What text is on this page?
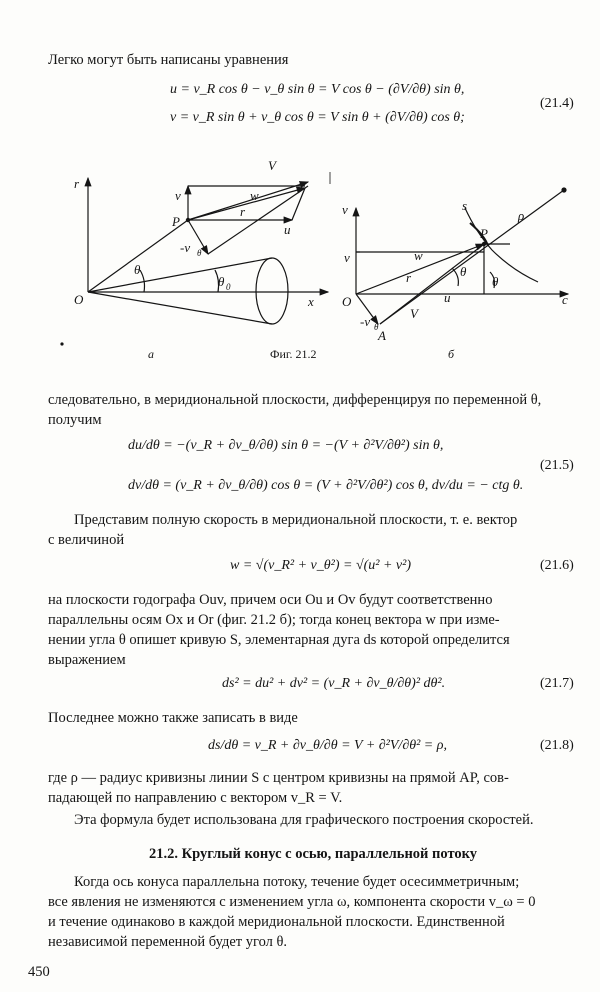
Легко могут быть написаны уравнения
u = v_R cos θ − v_θ sin θ = V cos θ − (∂V/∂θ) sin θ,
v = v_R sin θ + v_θ cos θ = V sin θ + (∂V/∂θ) cos θ;
(21.4)
r
V
v	w
P
r
u
-v θ
θ
θ 0
O	x
v	s
ρ
P
v	w
r	θ
θ
O	u
V
-v θ
A
c
а	Фиг. 21.2	б
следовательно, в меридиональной плоскости, дифференцируя по переменной θ,
получим
du/dθ = −(v_R + ∂v_θ/∂θ) sin θ = −(V + ∂²V/∂θ²) sin θ,
dv/dθ = (v_R + ∂v_θ/∂θ) cos θ = (V + ∂²V/∂θ²) cos θ, dv/du = − ctg θ.
(21.5)
Представим полную скорость в меридиональной плоскости, т. е. вектор
с величиной
w = √(v_R² + v_θ²) = √(u² + v²)	(21.6)
на плоскости годографа Ouv, причем оси Ou и Ov будут соответственно
параллельны осям Ox и Or (фиг. 21.2 б); тогда конец вектора w при изме-
нении угла θ опишет кривую S, элементарная дуга ds которой определится
выражением
ds² = du² + dv² = (v_R + ∂v_θ/∂θ)² dθ².	(21.7)
Последнее можно также записать в виде
ds/dθ = v_R + ∂v_θ/∂θ = V + ∂²V/∂θ² = ρ,	(21.8)
где ρ — радиус кривизны линии S с центром кривизны на прямой AP, сов-
падающей по направлению с вектором v_R = V.
Эта формула будет использована для графического построения скоростей.
21.2. Круглый конус с осью, параллельной потоку
Когда ось конуса параллельна потоку, течение будет осесимметричным;
все явления не изменяются с изменением угла ω, компонента скорости v_ω = 0
и течение одинаково в каждой меридиональной плоскости. Единственной
независимой переменной будет угол θ.
450
